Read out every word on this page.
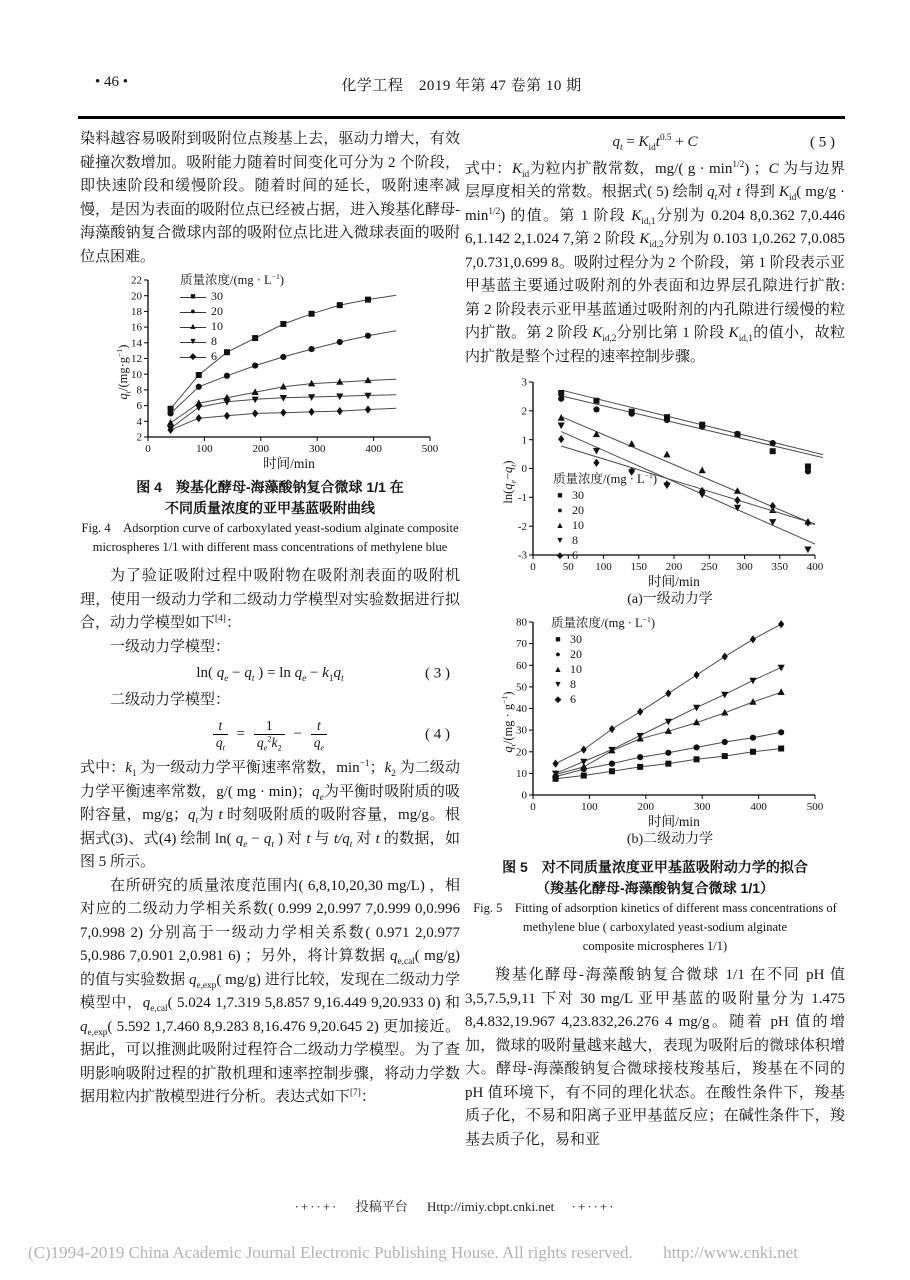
• 46 •	化学工程　2019 年第 47 卷第 10 期

染料越容易吸附到吸附位点羧基上去，驱动力增大，有效碰撞次数增加。吸附能力随着时间变化可分为 2 个阶段，即快速阶段和缓慢阶段。随着时间的延长，吸附速率减慢，是因为表面的吸附位点已经被占据，进入羧基化酵母-海藻酸钠复合微球内部的吸附位点比进入微球表面的吸附位点困难。

$q_t/(mg\cdot g^{-1})$
0	100	200	300	400	500
2
4
6
8
10
12
14
16
18
20
22
时间/min
质量浓度$/(mg \cdot L^{-1})$
■	30
●	20
▲	10
▼	8
◆	6
图 4　羧基化酵母-海藻酸钠复合微球 1/1 在
不同质量浓度的亚甲基蓝吸附曲线
Fig. 4　Adsorption curve of carboxylated yeast-sodium alginate composite
microspheres 1/1 with different mass concentrations of methylene blue

为了验证吸附过程中吸附物在吸附剂表面的吸附机理，使用一级动力学和二级动力学模型对实验数据进行拟合，动力学模型如下[4]：

一级动力学模型：
ln( $q_e - q_t$ ) = $\ln q_e - k_1q_t$	( 3 )
二级动力学模型：
$\frac{t}{q_t} = \frac{1}{q_e^2k_2} - \frac{t}{q_e}$	( 4 )

式中：$k_1$ 为一级动力学平衡速率常数，$\min^{-1}$；$k_2$ 为二级动力学平衡速率常数，g/( mg · min)；$q_e$为平衡时吸附质的吸附容量，mg/g；$q_t$为 t 时刻吸附质的吸附容量，mg/g。根据式(3)、式(4) 绘制 ln( $q_e - q_t$ ) 对 t 与 $t/q_t$ 对 t 的数据，如图 5 所示。

在所研究的质量浓度范围内( 6,8,10,20,30 mg/L) ，相对应的二级动力学相关系数( 0.999 2,0.997 7,0.999 0,0.996 7,0.998 2) 分别高于一级动力学相关系数( 0.971 2,0.977 5,0.986 7,0.901 2,0.981 6) ；另外，将计算数据 $q_{e,cal}$( mg/g) 的值与实验数据 $q_{e,exp}$( mg/g) 进行比较，发现在二级动力学模型中，$q_{e,cal}$( 5.024 1,7.319 5,8.857 9,16.449 9,20.933 0) 和 $q_{e,exp}$( 5.592 1,7.460 8,9.283 8,16.476 9,20.645 2) 更加接近。据此，可以推测此吸附过程符合二级动力学模型。为了查明影响吸附过程的扩散机理和速率控制步骤，将动力学数据用粒内扩散模型进行分析。表达式如下[7]：

$q_t = K_{id}t^{0.5} + C$	( 5 )

式中：$K_{id}$为粒内扩散常数，mg/( $g \cdot \min^{1/2}$) ；C 为与边界层厚度相关的常数。根据式( 5) 绘制 $q_t$对 t 得到 $K_{id}$( $mg/g \cdot \min^{1/2}$) 的值。第 1 阶段 $K_{id,1}$分别为 0.204 8,0.362 7,0.446 6,1.142 2,1.024 7,第 2 阶段 $K_{id,2}$分别为 0.103 1,0.262 7,0.085 7,0.731,0.699 8。吸附过程分为 2 个阶段，第 1 阶段表示亚甲基蓝主要通过吸附剂的外表面和边界层孔隙进行扩散: 第 2 阶段表示亚甲基蓝通过吸附剂的内孔隙进行缓慢的粒内扩散。第 2 阶段 $K_{id,2}$分别比第 1 阶段 $K_{id,1}$的值小，故粒内扩散是整个过程的速率控制步骤。

$\ln(q_e-q_t)$
0 50 100 150 200 250 300 350 400
-3
-2
-1
0
1
2
3
时间/min
质量浓度$/(mg \cdot L^{-1})$
■ 30
● 20
▲ 10
▼ 8
◆ 6
(a)一级动力学
$q_t/(mg \cdot g^{-1})$
0	100	200	300	400	500
0
10
20
30
40
50
60
70
80
时间/min
质量浓度$/(mg \cdot L^{-1})$
■ 30
● 20
▲ 10
▼ 8
◆ 6
(b)二级动力学
图 5　对不同质量浓度亚甲基蓝吸附动力学的拟合
（羧基化酵母-海藻酸钠复合微球 1/1）
Fig. 5　Fitting of adsorption kinetics of different mass concentrations of
methylene blue ( carboxylated yeast-sodium alginate
composite microspheres 1/1)

羧基化酵母-海藻酸钠复合微球 1/1 在不同 pH 值 3,5,7.5,9,11 下对 30 mg/L 亚甲基蓝的吸附量分为 1.475 8,4.832,19.967 4,23.832,26.276 4 mg/g。随着 pH 值的增加，微球的吸附量越来越大，表现为吸附后的微球体积增大。酵母-海藻酸钠复合微球接枝羧基后，羧基在不同的 pH 值环境下，有不同的理化状态。在酸性条件下，羧基质子化，不易和阳离子亚甲基蓝反应；在碱性条件下，羧基去质子化，易和亚

·+··+· 投稿平台 Http://imiy.cbpt.cnki.net ·+··+·
(C)1994-2019 China Academic Journal Electronic Publishing House. All rights reserved. http://www.cnki.net
